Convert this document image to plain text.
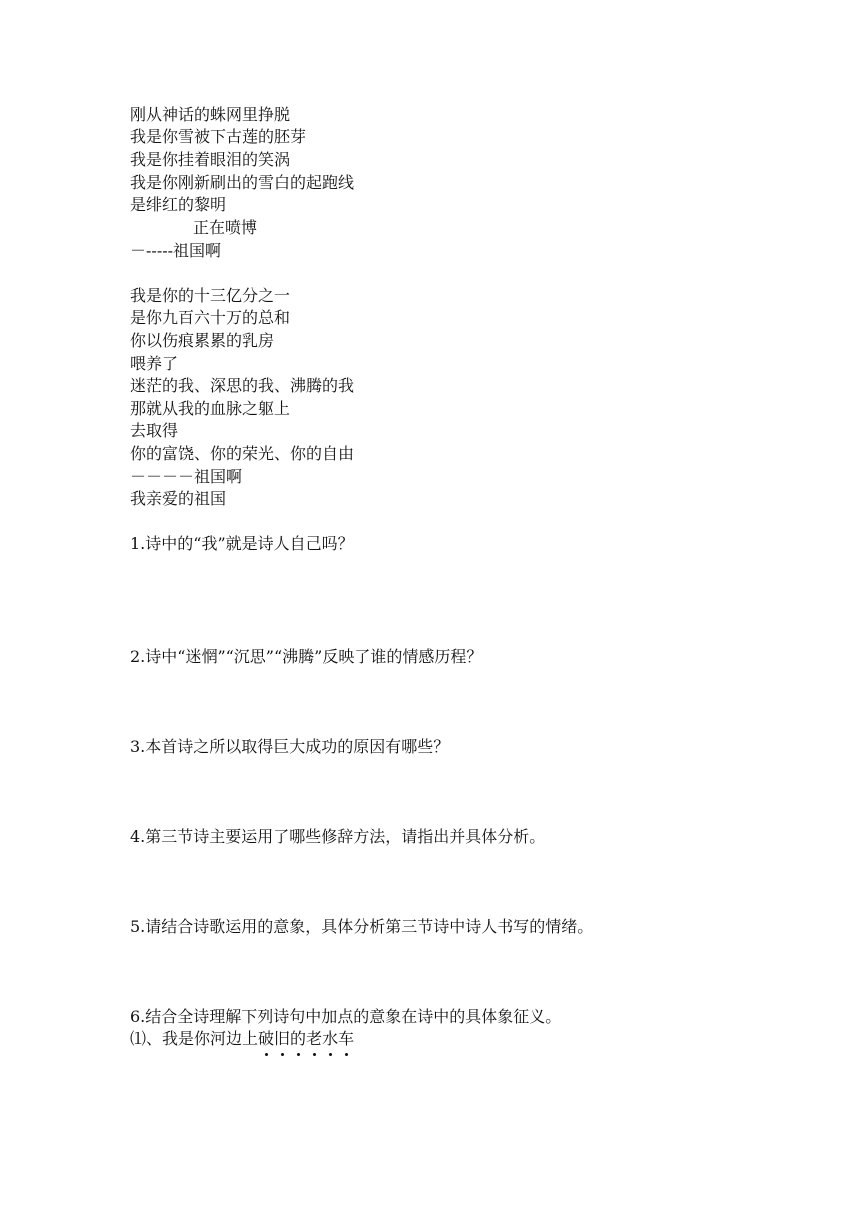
刚从神话的蛛网里挣脱
我是你雪被下古莲的胚芽
我是你挂着眼泪的笑涡
我是你刚新刷出的雪白的起跑线
是绯红的黎明
正在喷博
－-----祖国啊
我是你的十三亿分之一
是你九百六十万的总和
你以伤痕累累的乳房
喂养了
迷茫的我、深思的我、沸腾的我
那就从我的血脉之躯上
去取得
你的富饶、你的荣光、你的自由
－－－－祖国啊
我亲爱的祖国
1.诗中的“我”就是诗人自己吗？
2.诗中“迷惘”“沉思”“沸腾”反映了谁的情感历程？
3.本首诗之所以取得巨大成功的原因有哪些？
4.第三节诗主要运用了哪些修辞方法，请指出并具体分析。
5.请结合诗歌运用的意象，具体分析第三节诗中诗人书写的情绪。
6.结合全诗理解下列诗句中加点的意象在诗中的具体象征义。
⑴、我是你河边上破旧的老水车
